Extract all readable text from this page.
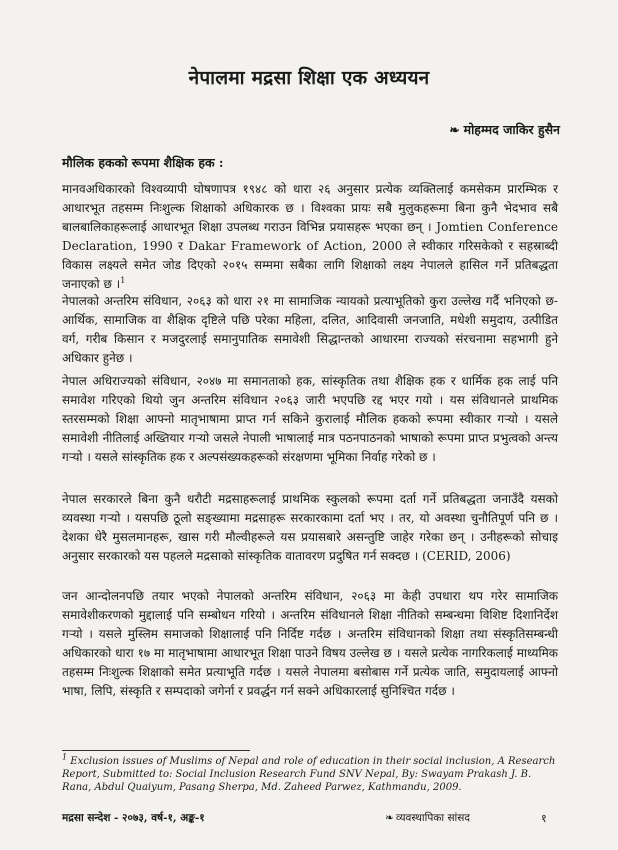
नेपालमा मद्रसा शिक्षा एक अध्ययन
❧ मोहम्मद जाकिर हुसैन
मौलिक हकको रूपमा शैक्षिक हक :

मानवअधिकारको विश्वव्यापी घोषणापत्र १९४८ को धारा २६ अनुसार प्रत्येक व्यक्तिलाई कमसेकम प्रारम्भिक र आधारभूत तहसम्म निःशुल्क शिक्षाको अधिकारक छ । विश्वका प्रायः सबै मुलुकहरूमा बिना कुनै भेदभाव सबै बालबालिकाहरूलाई आधारभूत शिक्षा उपलब्ध गराउन विभिन्न प्रयासहरू भएका छन् । Jomtien Conference Declaration, 1990 र Dakar Framework of Action, 2000 ले स्वीकार गरिसकेको र सहस्राब्दी विकास लक्ष्यले समेत जोड दिएको २०१५ सम्ममा सबैका लागि शिक्षाको लक्ष्य नेपालले हासिल गर्ने प्रतिबद्धता जनाएको छ ।$^1$

नेपालको अन्तरिम संविधान, २०६३ को धारा २१ मा सामाजिक न्यायको प्रत्याभूतिको कुरा उल्लेख गर्दै भनिएको छ- आर्थिक, सामाजिक वा शैक्षिक दृष्टिले पछि परेका महिला, दलित, आदिवासी जनजाति, मधेशी समुदाय, उत्पीडित वर्ग, गरीब किसान र मजदुरलाई समानुपातिक समावेशी सिद्धान्तको आधारमा राज्यको संरचनामा सहभागी हुने अधिकार हुनेछ ।

नेपाल अधिराज्यको संविधान, २०४७ मा समानताको हक, सांस्कृतिक तथा शैक्षिक हक र धार्मिक हक लाई पनि समावेश गरिएको थियो जुन अन्तरिम संविधान २०६३ जारी भएपछि रद्द भएर गयो । यस संविधानले प्राथमिक स्तरसम्मको शिक्षा आफ्नो मातृभाषामा प्राप्त गर्न सकिने कुरालाई मौलिक हकको रूपमा स्वीकार गर्‍यो । यसले समावेशी नीतिलाई अख्तियार गर्‍यो जसले नेपाली भाषालाई मात्र पठनपाठनको भाषाको रूपमा प्राप्त प्रभुत्वको अन्त्य गर्‍यो । यसले सांस्कृतिक हक र अल्पसंख्यकहरूको संरक्षणमा भूमिका निर्वाह गरेको छ ।

नेपाल सरकारले बिना कुनै धरौटी मद्रसाहरूलाई प्राथमिक स्कुलको रूपमा दर्ता गर्ने प्रतिबद्धता जनाउँदै यसको व्यवस्था गर्‍यो । यसपछि ठूलो सङ्ख्यामा मद्रसाहरू सरकारकामा दर्ता भए । तर, यो अवस्था चुनौतिपूर्ण पनि छ । देशका धेरै मुसलमानहरू, खास गरी मौल्वीहरूले यस प्रयासबारे असन्तुष्टि जाहेर गरेका छन् । उनीहरूको सोचाइ अनुसार सरकारको यस पहलले मद्रसाको सांस्कृतिक वातावरण प्रदुषित गर्न सक्दछ । (CERID, 2006)

जन आन्दोलनपछि तयार भएको नेपालको अन्तरिम संविधान, २०६३ मा केही उपधारा थप गरेर सामाजिक समावेशीकरणको मुद्दालाई पनि सम्बोधन गरियो । अन्तरिम संविधानले शिक्षा नीतिको सम्बन्धमा विशिष्ट दिशानिर्देश गर्‍यो । यसले मुस्लिम समाजको शिक्षालाई पनि निर्दिष्ट गर्दछ । अन्तरिम संविधानको शिक्षा तथा संस्कृतिसम्बन्धी अधिकारको धारा १७ मा मातृभाषामा आधारभूत शिक्षा पाउने विषय उल्लेख छ । यसले प्रत्येक नागरिकलाई माध्यमिक तहसम्म निःशुल्क शिक्षाको समेत प्रत्याभूति गर्दछ । यसले नेपालमा बसोबास गर्ने प्रत्येक जाति, समुदायलाई आफ्नो भाषा, लिपि, संस्कृति र सम्पदाको जगेर्ना र प्रवर्द्धन गर्न सक्ने अधिकारलाई सुनिश्चित गर्दछ ।

$^1$ Exclusion issues of Muslims of Nepal and role of education in their social inclusion, A Research Report, Submitted to: Social Inclusion Research Fund SNV Nepal, By: Swayam Prakash J. B. Rana, Abdul Quaiyum, Pasang Sherpa, Md. Zaheed Parwez, Kathmandu, 2009.

मद्रसा सन्देश - २०७३, वर्ष-१, अङ्क-१	❧ व्यवस्थापिका सांसद	१
